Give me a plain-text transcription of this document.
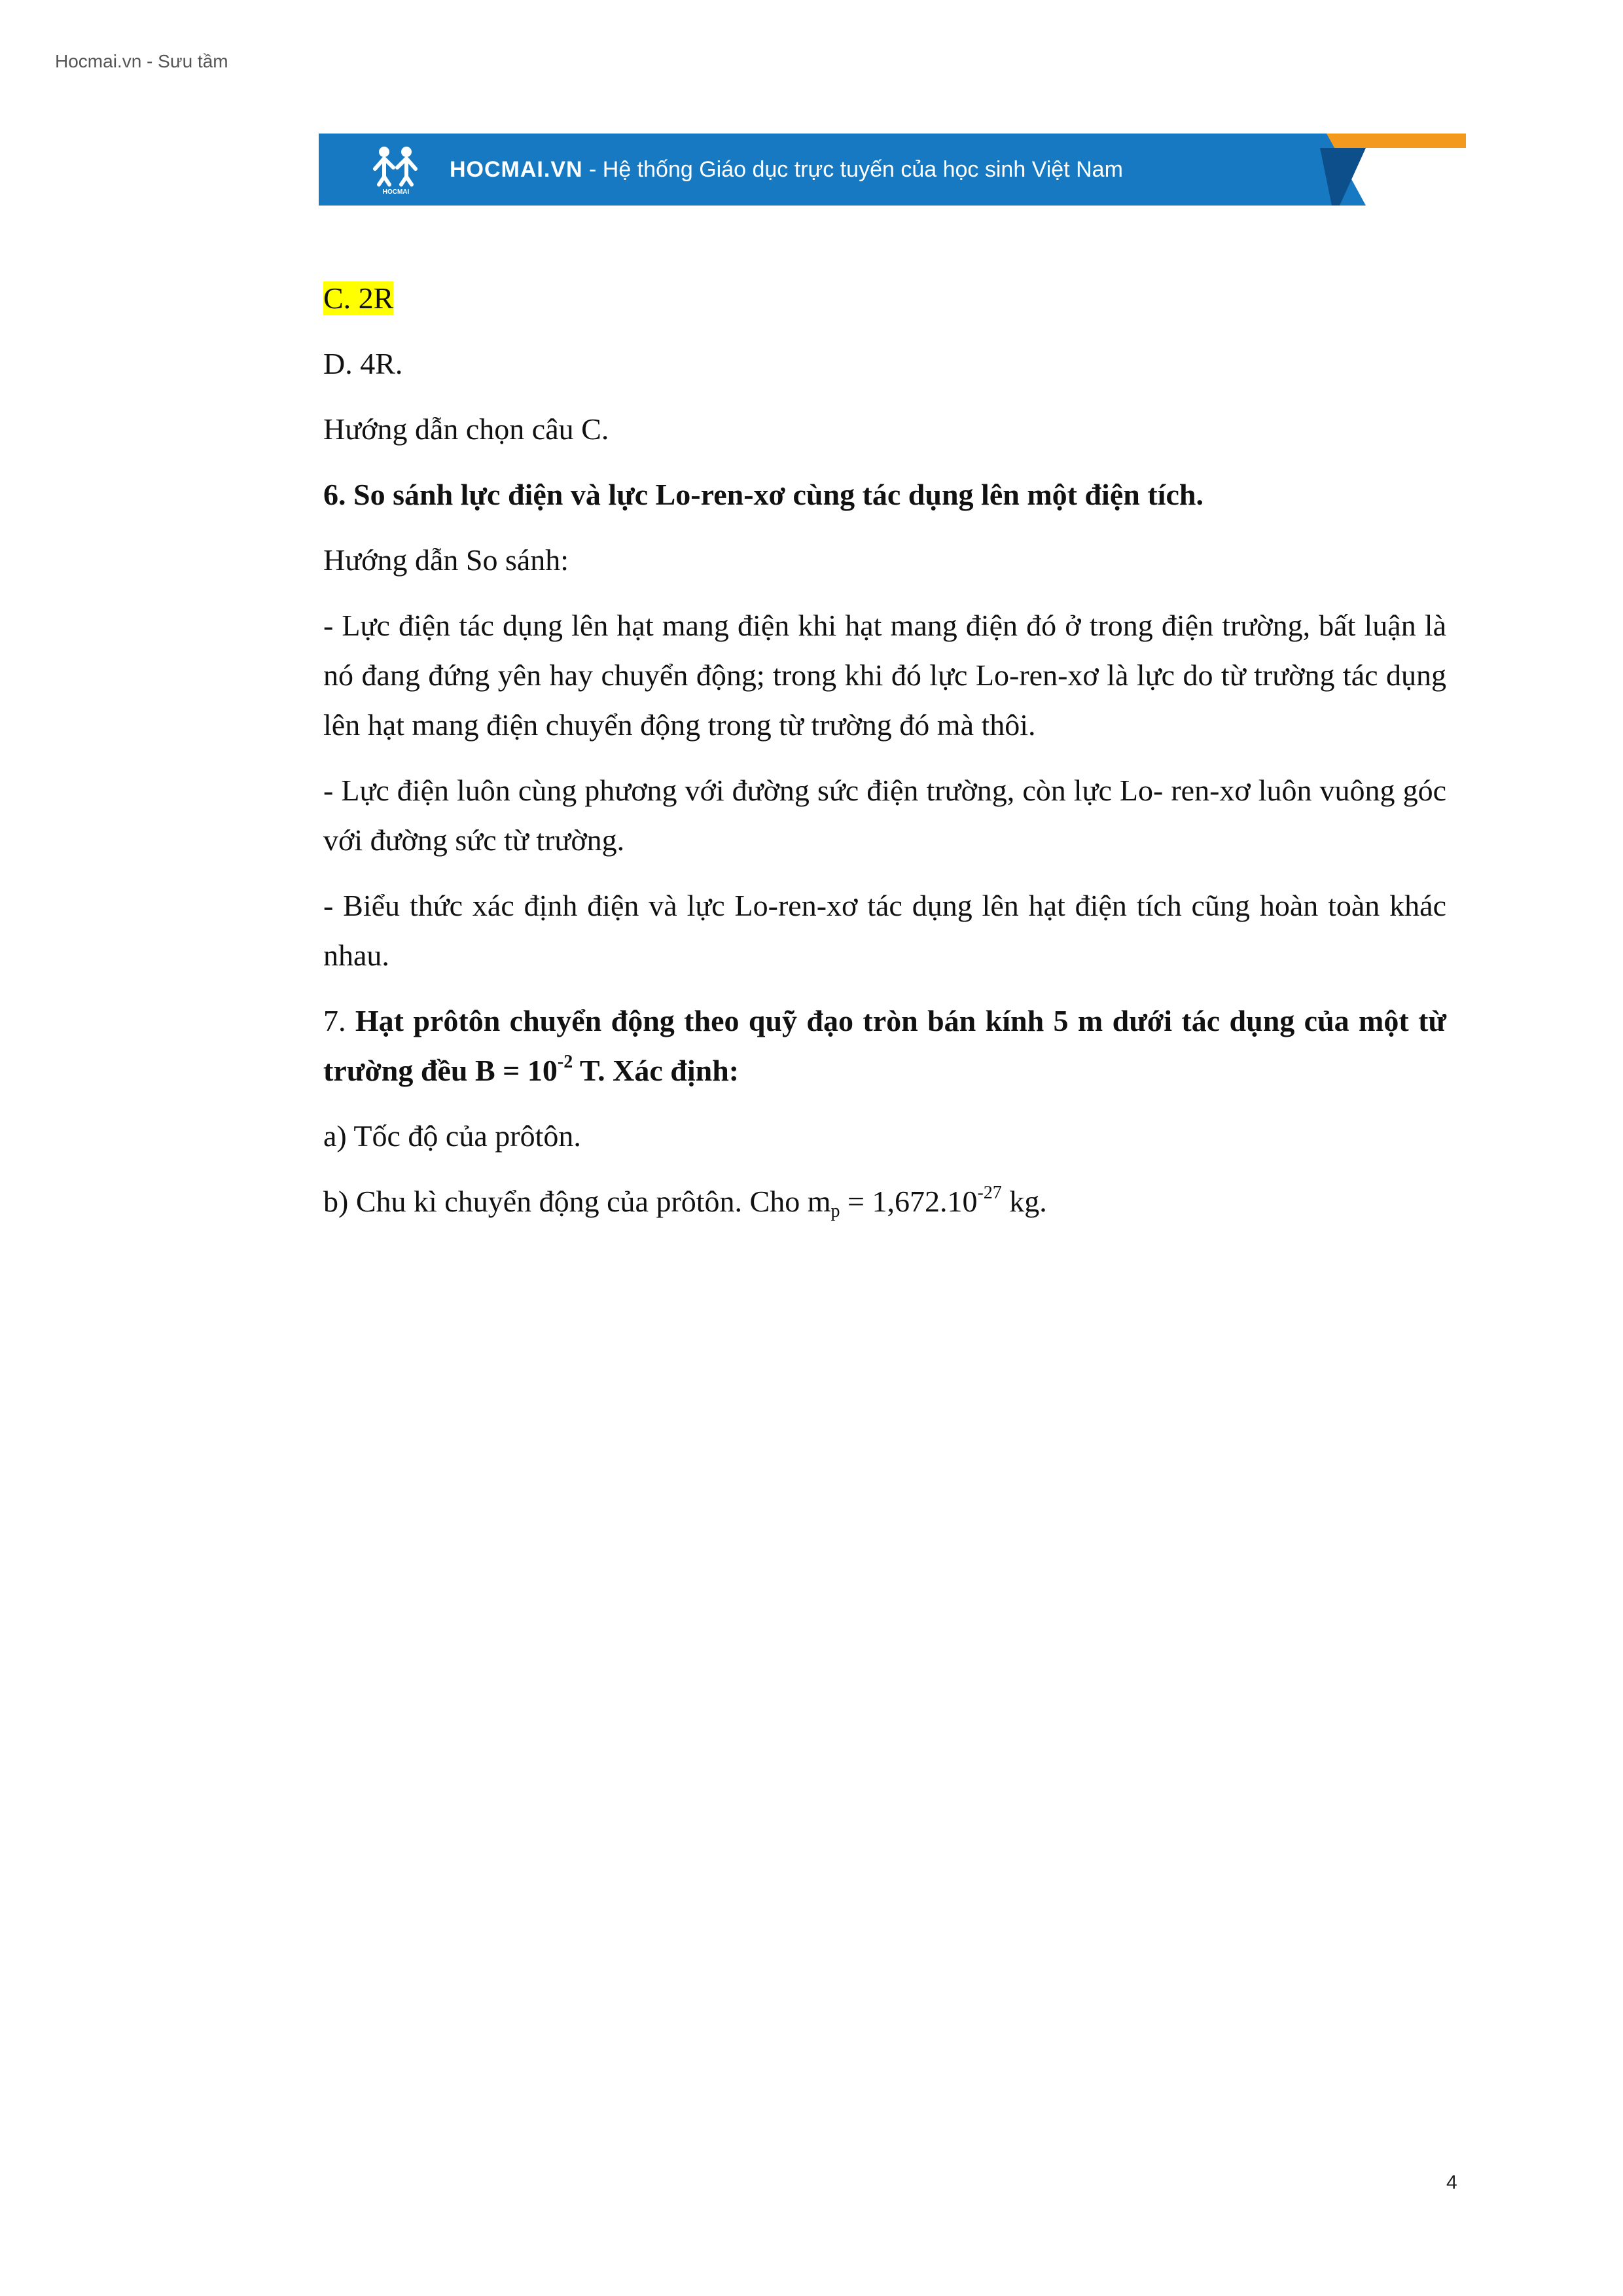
Hocmai.vn - Sưu tầm
HOCMAI
HOCMAI.VN - Hệ thống Giáo dục trực tuyến của học sinh Việt Nam

C. 2R

D. 4R.

Hướng dẫn chọn câu C.

6. So sánh lực điện và lực Lo-ren-xơ cùng tác dụng lên một điện tích.

Hướng dẫn So sánh:

- Lực điện tác dụng lên hạt mang điện khi hạt mang điện đó ở trong điện trường, bất luận là nó đang đứng yên hay chuyển động; trong khi đó lực Lo-ren-xơ là lực do từ trường tác dụng lên hạt mang điện chuyển động trong từ trường đó mà thôi.

- Lực điện luôn cùng phương với đường sức điện trường, còn lực Lo- ren-xơ luôn vuông góc với đường sức từ trường.

- Biểu thức xác định điện và lực Lo-ren-xơ tác dụng lên hạt điện tích cũng hoàn toàn khác nhau.

7. Hạt prôtôn chuyển động theo quỹ đạo tròn bán kính 5 m dưới tác dụng của một từ trường đều $B = 10^{-2}$ T. Xác định:

a) Tốc độ của prôtôn.

b) Chu kì chuyển động của prôtôn. Cho $m_p = 1,672.10^{-27}$ kg.

4
